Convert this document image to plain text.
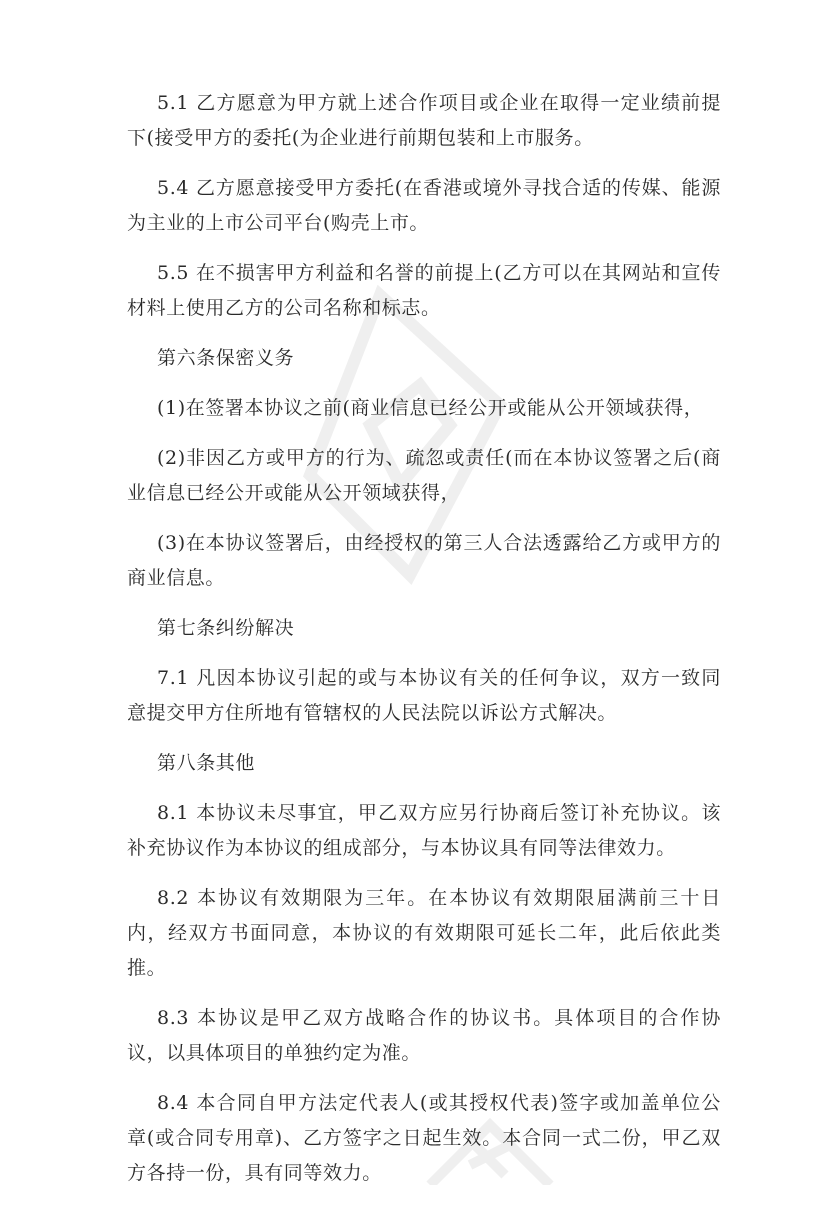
5.1 乙方愿意为甲方就上述合作项目或企业在取得一定业绩前提下(接受甲方的委托(为企业进行前期包装和上市服务。

5.4 乙方愿意接受甲方委托(在香港或境外寻找合适的传媒、能源为主业的上市公司平台(购壳上市。

5.5 在不损害甲方利益和名誉的前提上(乙方可以在其网站和宣传材料上使用乙方的公司名称和标志。

第六条保密义务

(1)在签署本协议之前(商业信息已经公开或能从公开领域获得，

(2)非因乙方或甲方的行为、疏忽或责任(而在本协议签署之后(商业信息已经公开或能从公开领域获得，

(3)在本协议签署后，由经授权的第三人合法透露给乙方或甲方的商业信息。

第七条纠纷解决

7.1 凡因本协议引起的或与本协议有关的任何争议，双方一致同意提交甲方住所地有管辖权的人民法院以诉讼方式解决。

第八条其他

8.1 本协议未尽事宜，甲乙双方应另行协商后签订补充协议。该补充协议作为本协议的组成部分，与本协议具有同等法律效力。

8.2 本协议有效期限为三年。在本协议有效期限届满前三十日内，经双方书面同意，本协议的有效期限可延长二年，此后依此类推。

8.3 本协议是甲乙双方战略合作的协议书。具体项目的合作协议，以具体项目的单独约定为准。

8.4 本合同自甲方法定代表人(或其授权代表)签字或加盖单位公章(或合同专用章)、乙方签字之日起生效。本合同一式二份，甲乙双方各持一份，具有同等效力。
